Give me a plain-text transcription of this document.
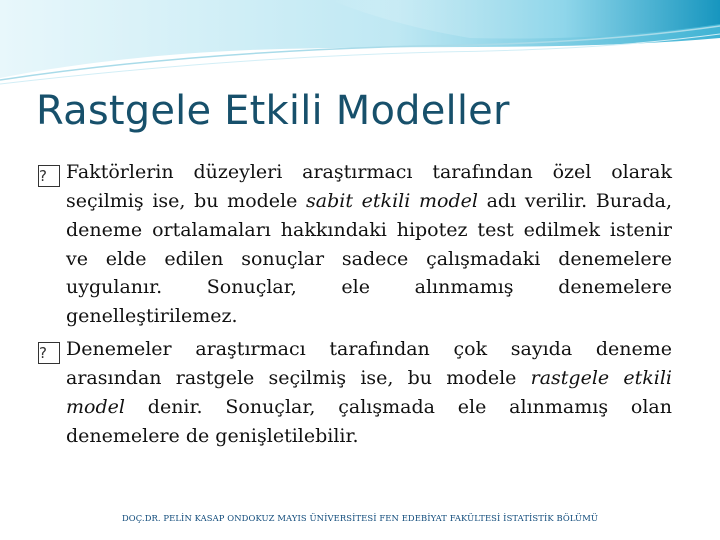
Rastgele Etkili Modeller

? Faktörlerin düzeyleri araştırmacı tarafından özel olarak seçilmiş ise, bu modele sabit etkili model adı verilir. Burada, deneme ortalamaları hakkındaki hipotez test edilmek istenir ve elde edilen sonuçlar sadece çalışmadaki denemelere uygulanır. Sonuçlar, ele alınmamış denemelere genelleştirilemez.

? Denemeler araştırmacı tarafından çok sayıda deneme arasından rastgele seçilmiş ise, bu modele rastgele etkili model denir. Sonuçlar, çalışmada ele alınmamış olan denemelere de genişletilebilir.

DOÇ.DR. PELİN KASAP ONDOKUZ MAYIS ÜNİVERSİTESİ FEN EDEBİYAT FAKÜLTESİ İSTATİSTİK BÖLÜMÜ
